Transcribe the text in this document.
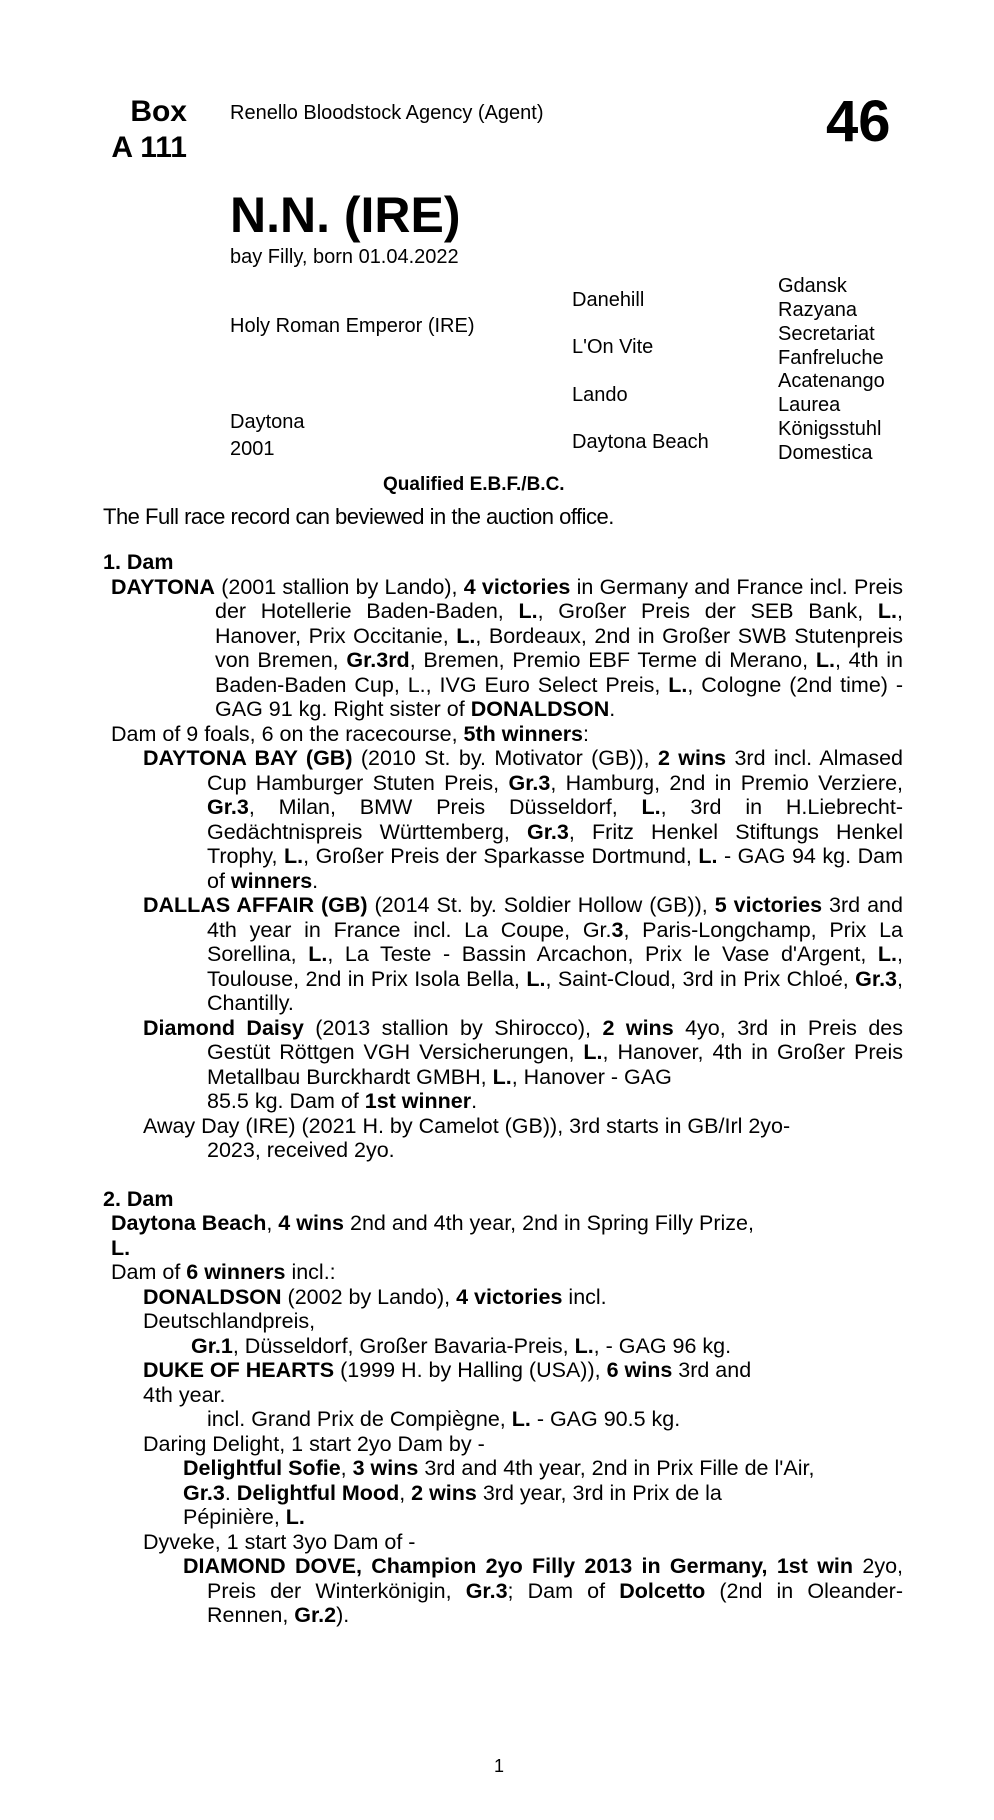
Box
A 111
Renello Bloodstock Agency (Agent)	46
N.N. (IRE)
bay Filly, born 01.04.2022
Holy Roman Emperor (IRE)
Daytona
2001
Danehill
L'On Vite
Lando
Daytona Beach
Gdansk
Razyana
Secretariat
Fanfreluche
Acatenango
Laurea
Königsstuhl
Domestica
Qualified E.B.F./B.C.
The Full race record can beviewed in the auction office.
1. Dam

DAYTONA (2001 stallion by Lando), 4 victories in Germany and France incl. Preis der Hotellerie Baden-Baden, L., Großer Preis der SEB Bank, L., Hanover, Prix Occitanie, L., Bordeaux, 2nd in Großer SWB Stutenpreis von Bremen, Gr.3rd, Bremen, Premio EBF Terme di Merano, L., 4th in Baden-Baden Cup, L., IVG Euro Select Preis, L., Cologne (2nd time) - GAG 91 kg. Right sister of DONALDSON.

Dam of 9 foals, 6 on the racecourse, 5th winners:

DAYTONA BAY (GB) (2010 St. by. Motivator (GB)), 2 wins 3rd incl. Almased Cup Hamburger Stuten Preis, Gr.3, Hamburg, 2nd in Premio Verziere, Gr.3, Milan, BMW Preis Düsseldorf, L., 3rd in H.Liebrecht-Gedächtnispreis Württemberg, Gr.3, Fritz Henkel Stiftungs Henkel Trophy, L., Großer Preis der Sparkasse Dortmund, L. - GAG 94 kg. Dam of winners.

DALLAS AFFAIR (GB) (2014 St. by. Soldier Hollow (GB)), 5 victories 3rd and 4th year in France incl. La Coupe, Gr.3, Paris-Longchamp, Prix La Sorellina, L., La Teste - Bassin Arcachon, Prix le Vase d'Argent, L., Toulouse, 2nd in Prix Isola Bella, L., Saint-Cloud, 3rd in Prix Chloé, Gr.3, Chantilly.

Diamond Daisy (2013 stallion by Shirocco), 2 wins 4yo, 3rd in Preis des Gestüt Röttgen VGH Versicherungen, L., Hanover, 4th in Großer Preis Metallbau Burckhardt GMBH, L., Hanover - GAG

85.5 kg. Dam of 1st winner.

Away Day (IRE) (2021 H. by Camelot (GB)), 3rd starts in GB/Irl 2yo-

2023, received 2yo.

2. Dam

Daytona Beach, 4 wins 2nd and 4th year, 2nd in Spring Filly Prize,
L.

Dam of 6 winners incl.:

DONALDSON (2002 by Lando), 4 victories incl.

Deutschlandpreis,

Gr.1, Düsseldorf, Großer Bavaria-Preis, L., - GAG 96 kg.

DUKE OF HEARTS (1999 H. by Halling (USA)), 6 wins 3rd and

4th year.

incl. Grand Prix de Compiègne, L. - GAG 90.5 kg.

Daring Delight, 1 start 2yo Dam by -

Delightful Sofie, 3 wins 3rd and 4th year, 2nd in Prix Fille de l'Air, Gr.3. Delightful Mood, 2 wins 3rd year, 3rd in Prix de la Pépinière, L.

Dyveke, 1 start 3yo Dam of -

DIAMOND DOVE, Champion 2yo Filly 2013 in Germany, 1st win 2yo, Preis der Winterkönigin, Gr.3; Dam of Dolcetto (2nd in Oleander-Rennen, Gr.2).

1
